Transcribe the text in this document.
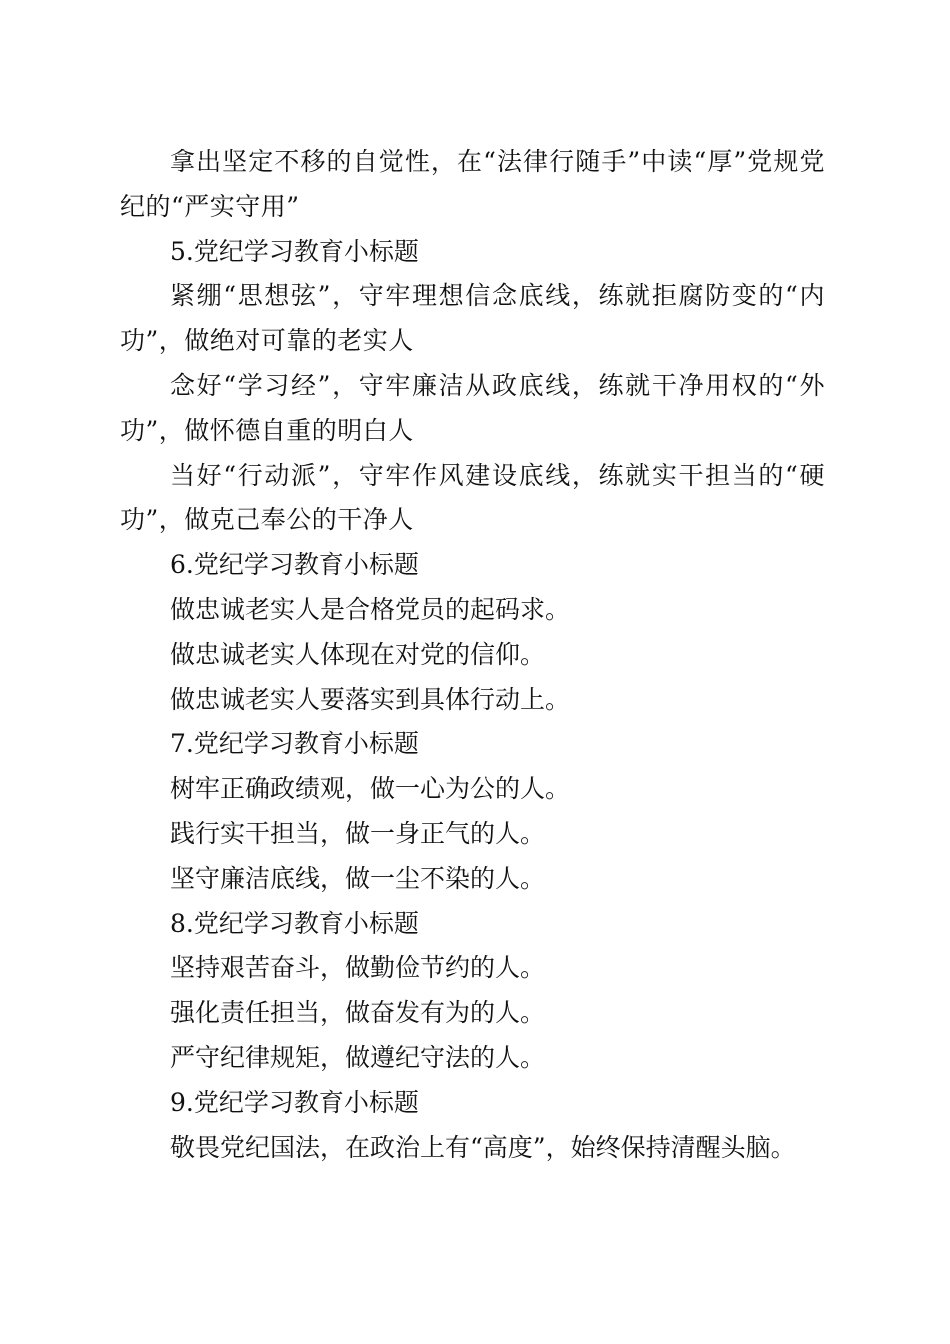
拿出坚定不移的自觉性，在“法律行随手”中读“厚”党规党纪的“严实守用”

5.党纪学习教育小标题

紧绷“思想弦”，守牢理想信念底线，练就拒腐防变的“内功”，做绝对可靠的老实人

念好“学习经”，守牢廉洁从政底线，练就干净用权的“外功”，做怀德自重的明白人

当好“行动派”，守牢作风建设底线，练就实干担当的“硬功”，做克己奉公的干净人

6.党纪学习教育小标题

做忠诚老实人是合格党员的起码求。

做忠诚老实人体现在对党的信仰。

做忠诚老实人要落实到具体行动上。

7.党纪学习教育小标题

树牢正确政绩观，做一心为公的人。

践行实干担当，做一身正气的人。

坚守廉洁底线，做一尘不染的人。

8.党纪学习教育小标题

坚持艰苦奋斗，做勤俭节约的人。

强化责任担当，做奋发有为的人。

严守纪律规矩，做遵纪守法的人。

9.党纪学习教育小标题

敬畏党纪国法，在政治上有“高度”，始终保持清醒头脑。
